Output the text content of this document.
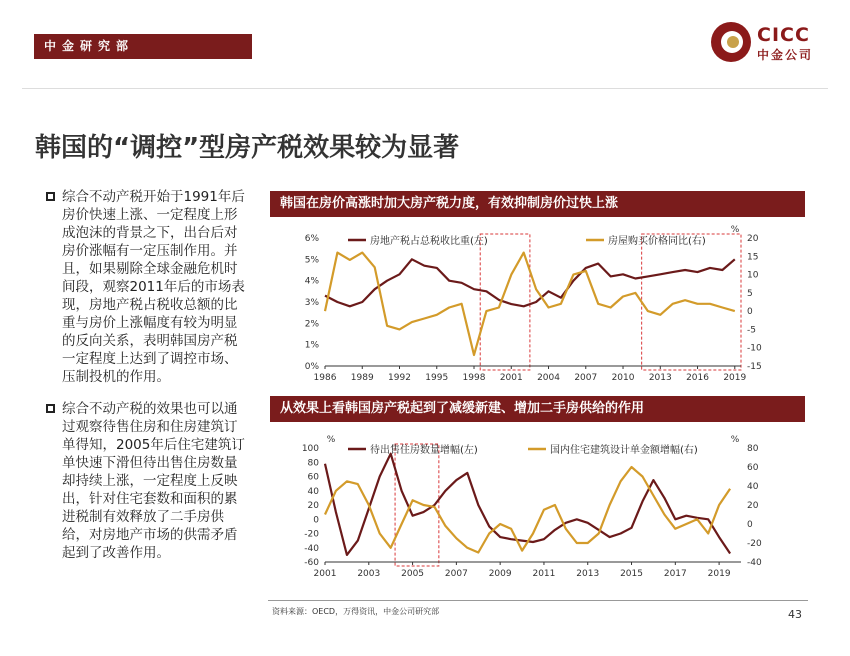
中金研究部	CICC
中金公司
韩国的“调控”型房产税效果较为显著
综合不动产税开始于1991年后房价快速上涨、一定程度上形成泡沫的背景之下，出台后对房价涨幅有一定压制作用。并且，如果剔除全球金融危机时间段，观察2011年后的市场表现，房地产税占税收总额的比重与房价上涨幅度有较为明显的反向关系，表明韩国房产税一定程度上达到了调控市场、压制投机的作用。
综合不动产税的效果也可以通过观察待售住房和住房建筑订单得知，2005年后住宅建筑订单快速下滑但待出售住房数量却持续上涨，一定程度上反映出，针对住宅套数和面积的累进税制有效释放了二手房供给，对房地产市场的供需矛盾起到了改善作用。
韩国在房价高涨时加大房产税力度，有效抑制房价过快上涨
0%
1%
2%
3%
4%
5%
6%
-15
-10
-5
0
5
10
15
20
1986 1989 1992 1995 1998 2001 2004 2007 2010 2013 2016 2019
%
房地产税占总税收比重(左)	房屋购买价格同比(右)
从效果上看韩国房产税起到了减缓新建、增加二手房供给的作用
-60
-40
-20
0
20
40
60
80
100
-40
-20
0
20
40
60
80
2001 2003 2005 2007 2009 2011 2013 2015 2017 2019
%	%
待出售住房数量增幅(左)	国内住宅建筑设计单金额增幅(右)
资料来源：OECD，万得资讯，中金公司研究部	43
